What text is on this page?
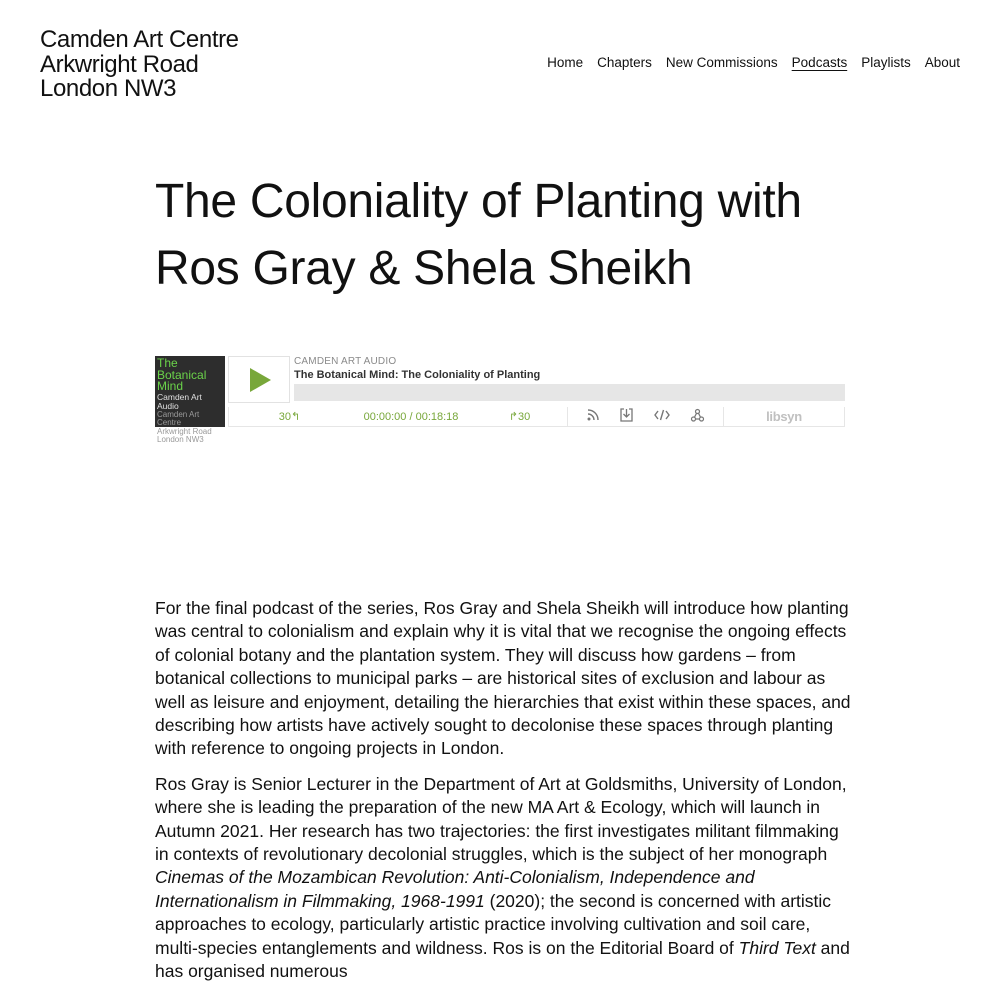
Camden Art Centre
Arkwright Road
London NW3
Home Chapters New Commissions Podcasts Playlists About
The Coloniality of Planting with Ros Gray & Shela Sheikh
The
Botanical
Mind
Camden Art Audio
Camden Art Centre
Arkwright Road
London NW3
CAMDEN ART AUDIO
The Botanical Mind: The Coloniality of Planting
30↰	00:00:00 / 00:18:18	↱30	libsyn

For the final podcast of the series, Ros Gray and Shela Sheikh will introduce how planting was central to colonialism and explain why it is vital that we recognise the ongoing effects of colonial botany and the plantation system. They will discuss how gardens – from botanical collections to municipal parks – are historical sites of exclusion and labour as well as leisure and enjoyment, detailing the hierarchies that exist within these spaces, and describing how artists have actively sought to decolonise these spaces through planting with reference to ongoing projects in London.

Ros Gray is Senior Lecturer in the Department of Art at Goldsmiths, University of London, where she is leading the preparation of the new MA Art & Ecology, which will launch in Autumn 2021. Her research has two trajectories: the first investigates militant filmmaking in contexts of revolutionary decolonial struggles, which is the subject of her monograph Cinemas of the Mozambican Revolution: Anti-Colonialism, Independence and Internationalism in Filmmaking, 1968-1991 (2020); the second is concerned with artistic approaches to ecology, particularly artistic practice involving cultivation and soil care, multi-species entanglements and wildness. Ros is on the Editorial Board of Third Text and has organised numerous
